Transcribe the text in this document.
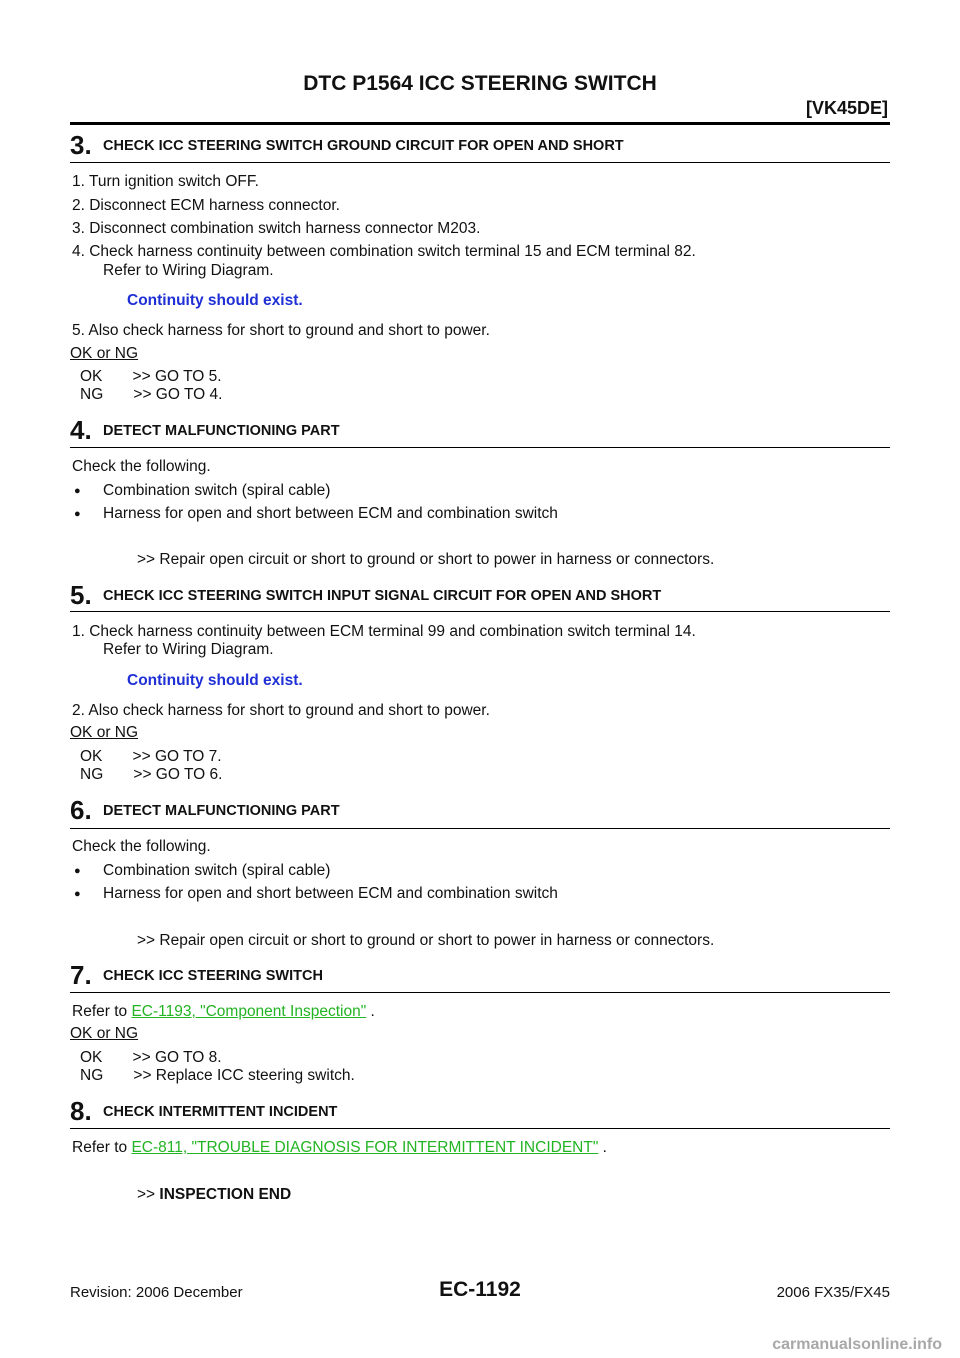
DTC P1564 ICC STEERING SWITCH
[VK45DE]
3. CHECK ICC STEERING SWITCH GROUND CIRCUIT FOR OPEN AND SHORT
1. Turn ignition switch OFF.
2. Disconnect ECM harness connector.
3. Disconnect combination switch harness connector M203.
4. Check harness continuity between combination switch terminal 15 and ECM terminal 82.
Refer to Wiring Diagram.
Continuity should exist.
5. Also check harness for short to ground and short to power.
OK or NG
OK       >> GO TO 5.
NG       >> GO TO 4.
4. DETECT MALFUNCTIONING PART
Check the following.
● Combination switch (spiral cable)
● Harness for open and short between ECM and combination switch
>> Repair open circuit or short to ground or short to power in harness or connectors.
5. CHECK ICC STEERING SWITCH INPUT SIGNAL CIRCUIT FOR OPEN AND SHORT
1. Check harness continuity between ECM terminal 99 and combination switch terminal 14.
Refer to Wiring Diagram.
Continuity should exist.
2. Also check harness for short to ground and short to power.
OK or NG
OK       >> GO TO 7.
NG       >> GO TO 6.
6. DETECT MALFUNCTIONING PART
Check the following.
● Combination switch (spiral cable)
● Harness for open and short between ECM and combination switch
>> Repair open circuit or short to ground or short to power in harness or connectors.
7. CHECK ICC STEERING SWITCH
Refer to EC-1193, "Component Inspection" .
OK or NG
OK       >> GO TO 8.
NG       >> Replace ICC steering switch.
8. CHECK INTERMITTENT INCIDENT
Refer to EC-811, "TROUBLE DIAGNOSIS FOR INTERMITTENT INCIDENT" .
>> INSPECTION END
Revision: 2006 December	EC-1192	2006 FX35/FX45
carmanualsonline.info
